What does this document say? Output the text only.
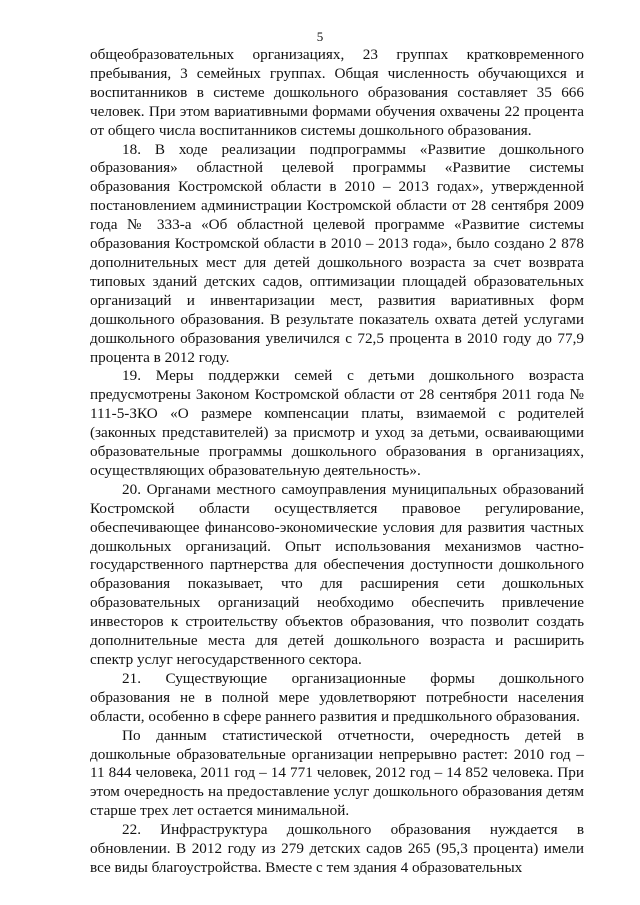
5

общеобразовательных организациях, 23 группах кратковременного пребывания, 3 семейных группах. Общая численность обучающихся и воспитанников в системе дошкольного образования составляет 35 666 человек. При этом вариативными формами обучения охвачены 22 процента от общего числа воспитанников системы дошкольного образования.

18. В ходе реализации подпрограммы «Развитие дошкольного образования» областной целевой программы «Развитие системы образования Костромской области в 2010 – 2013 годах», утвержденной постановлением администрации Костромской области от 28 сентября 2009 года № 333-а «Об областной целевой программе «Развитие системы образования Костромской области в 2010 – 2013 года», было создано 2 878 дополнительных мест для детей дошкольного возраста за счет возврата типовых зданий детских садов, оптимизации площадей образовательных организаций и инвентаризации мест, развития вариативных форм дошкольного образования. В результате показатель охвата детей услугами дошкольного образования увеличился с 72,5 процента в 2010 году до 77,9 процента в 2012 году.

19. Меры поддержки семей с детьми дошкольного возраста предусмотрены Законом Костромской области от 28 сентября 2011 года № 111-5-ЗКО «О размере компенсации платы, взимаемой с родителей (законных представителей) за присмотр и уход за детьми, осваивающими образовательные программы дошкольного образования в организациях, осуществляющих образовательную деятельность».

20. Органами местного самоуправления муниципальных образований Костромской области осуществляется правовое регулирование, обеспечивающее финансово-экономические условия для развития частных дошкольных организаций. Опыт использования механизмов частно-государственного партнерства для обеспечения доступности дошкольного образования показывает, что для расширения сети дошкольных образовательных организаций необходимо обеспечить привлечение инвесторов к строительству объектов образования, что позволит создать дополнительные места для детей дошкольного возраста и расширить спектр услуг негосударственного сектора.

21. Существующие организационные формы дошкольного образования не в полной мере удовлетворяют потребности населения области, особенно в сфере раннего развития и предшкольного образования.

По данным статистической отчетности, очередность детей в дошкольные образовательные организации непрерывно растет: 2010 год – 11 844 человека, 2011 год – 14 771 человек, 2012 год – 14 852 человека. При этом очередность на предоставление услуг дошкольного образования детям старше трех лет остается минимальной.

22. Инфраструктура дошкольного образования нуждается в обновлении. В 2012 году из 279 детских садов 265 (95,3 процента) имели все виды благоустройства. Вместе с тем здания 4 образовательных
